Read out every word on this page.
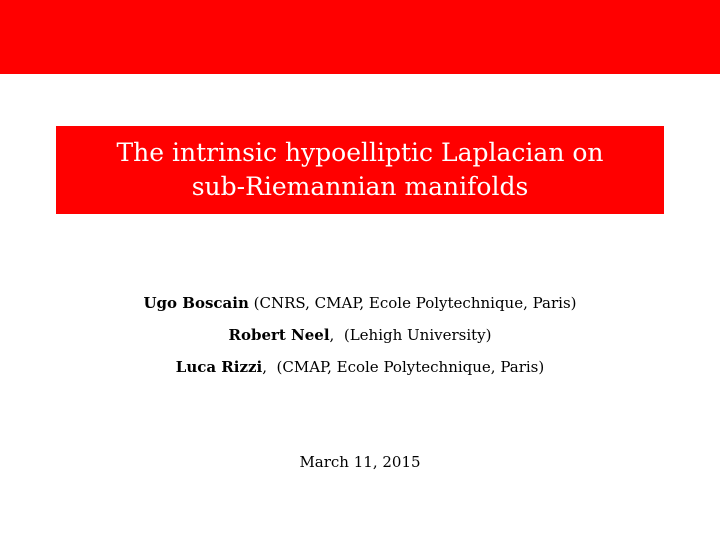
The intrinsic hypoelliptic Laplacian on
sub-Riemannian manifolds
Ugo Boscain (CNRS, CMAP, Ecole Polytechnique, Paris)
Robert Neel,  (Lehigh University)
Luca Rizzi,  (CMAP, Ecole Polytechnique, Paris)
March 11, 2015
